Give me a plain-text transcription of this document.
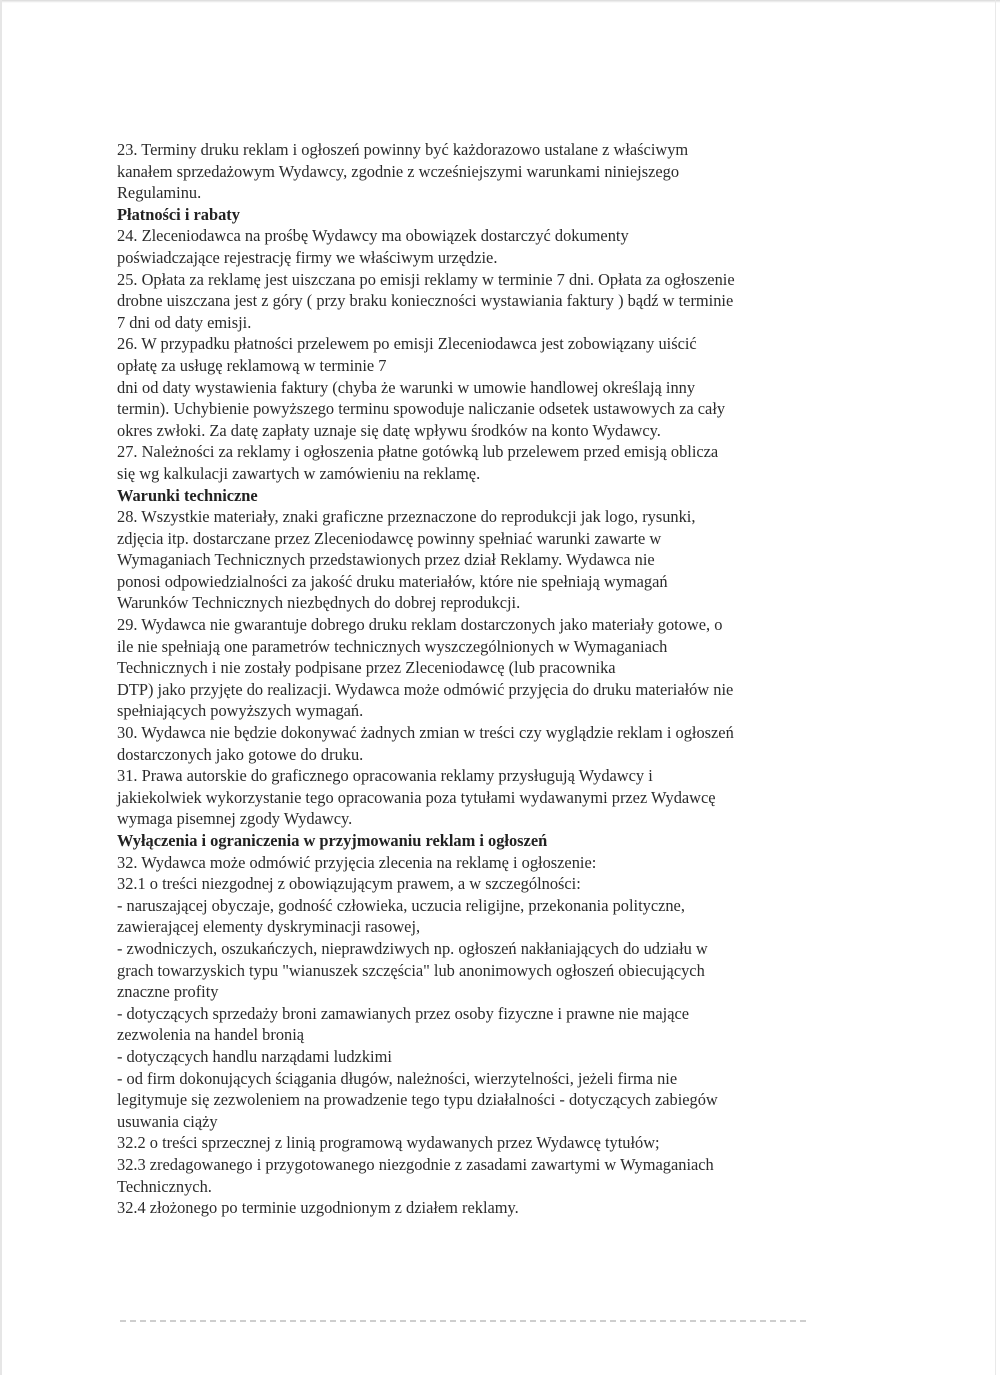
23. Terminy druku reklam i ogłoszeń powinny być każdorazowo ustalane z właściwym

kanałem sprzedażowym Wydawcy, zgodnie z wcześniejszymi warunkami niniejszego

Regulaminu.

Płatności i rabaty

24. Zleceniodawca na prośbę Wydawcy ma obowiązek dostarczyć dokumenty

poświadczające rejestrację firmy we właściwym urzędzie.

25. Opłata za reklamę jest uiszczana po emisji reklamy w terminie 7 dni. Opłata za ogłoszenie

drobne uiszczana jest z góry ( przy braku konieczności wystawiania faktury ) bądź w terminie

7 dni od daty emisji.

26. W przypadku płatności przelewem po emisji Zleceniodawca jest zobowiązany uiścić

opłatę za usługę reklamową w terminie 7

dni od daty wystawienia faktury (chyba że warunki w umowie handlowej określają inny

termin). Uchybienie powyższego terminu spowoduje naliczanie odsetek ustawowych za cały

okres zwłoki. Za datę zapłaty uznaje się datę wpływu środków na konto Wydawcy.

27. Należności za reklamy i ogłoszenia płatne gotówką lub przelewem przed emisją oblicza

się wg kalkulacji zawartych w zamówieniu na reklamę.

Warunki techniczne

28. Wszystkie materiały, znaki graficzne przeznaczone do reprodukcji jak logo, rysunki,

zdjęcia itp. dostarczane przez Zleceniodawcę powinny spełniać warunki zawarte w

Wymaganiach Technicznych przedstawionych przez dział Reklamy. Wydawca nie

ponosi odpowiedzialności za jakość druku materiałów, które nie spełniają wymagań

Warunków Technicznych niezbędnych do dobrej reprodukcji.

29. Wydawca nie gwarantuje dobrego druku reklam dostarczonych jako materiały gotowe, o

ile nie spełniają one parametrów technicznych wyszczególnionych w Wymaganiach

Technicznych i nie zostały podpisane przez Zleceniodawcę (lub pracownika

DTP) jako przyjęte do realizacji. Wydawca może odmówić przyjęcia do druku materiałów nie

spełniających powyższych wymagań.

30. Wydawca nie będzie dokonywać żadnych zmian w treści czy wyglądzie reklam i ogłoszeń

dostarczonych jako gotowe do druku.

31. Prawa autorskie do graficznego opracowania reklamy przysługują Wydawcy i

jakiekolwiek wykorzystanie tego opracowania poza tytułami wydawanymi przez Wydawcę

wymaga pisemnej zgody Wydawcy.

Wyłączenia i ograniczenia w przyjmowaniu reklam i ogłoszeń

32. Wydawca może odmówić przyjęcia zlecenia na reklamę i ogłoszenie:

32.1 o treści niezgodnej z obowiązującym prawem, a w szczególności:

- naruszającej obyczaje, godność człowieka, uczucia religijne, przekonania polityczne,

zawierającej elementy dyskryminacji rasowej,

- zwodniczych, oszukańczych, nieprawdziwych np. ogłoszeń nakłaniających do udziału w

grach towarzyskich typu "wianuszek szczęścia" lub anonimowych ogłoszeń obiecujących

znaczne profity

- dotyczących sprzedaży broni zamawianych przez osoby fizyczne i prawne nie mające

zezwolenia na handel bronią

- dotyczących handlu narządami ludzkimi

- od firm dokonujących ściągania długów, należności, wierzytelności, jeżeli firma nie

legitymuje się zezwoleniem na prowadzenie tego typu działalności - dotyczących zabiegów

usuwania ciąży

32.2 o treści sprzecznej z linią programową wydawanych przez Wydawcę tytułów;

32.3 zredagowanego i przygotowanego niezgodnie z zasadami zawartymi w Wymaganiach

Technicznych.

32.4 złożonego po terminie uzgodnionym z działem reklamy.
